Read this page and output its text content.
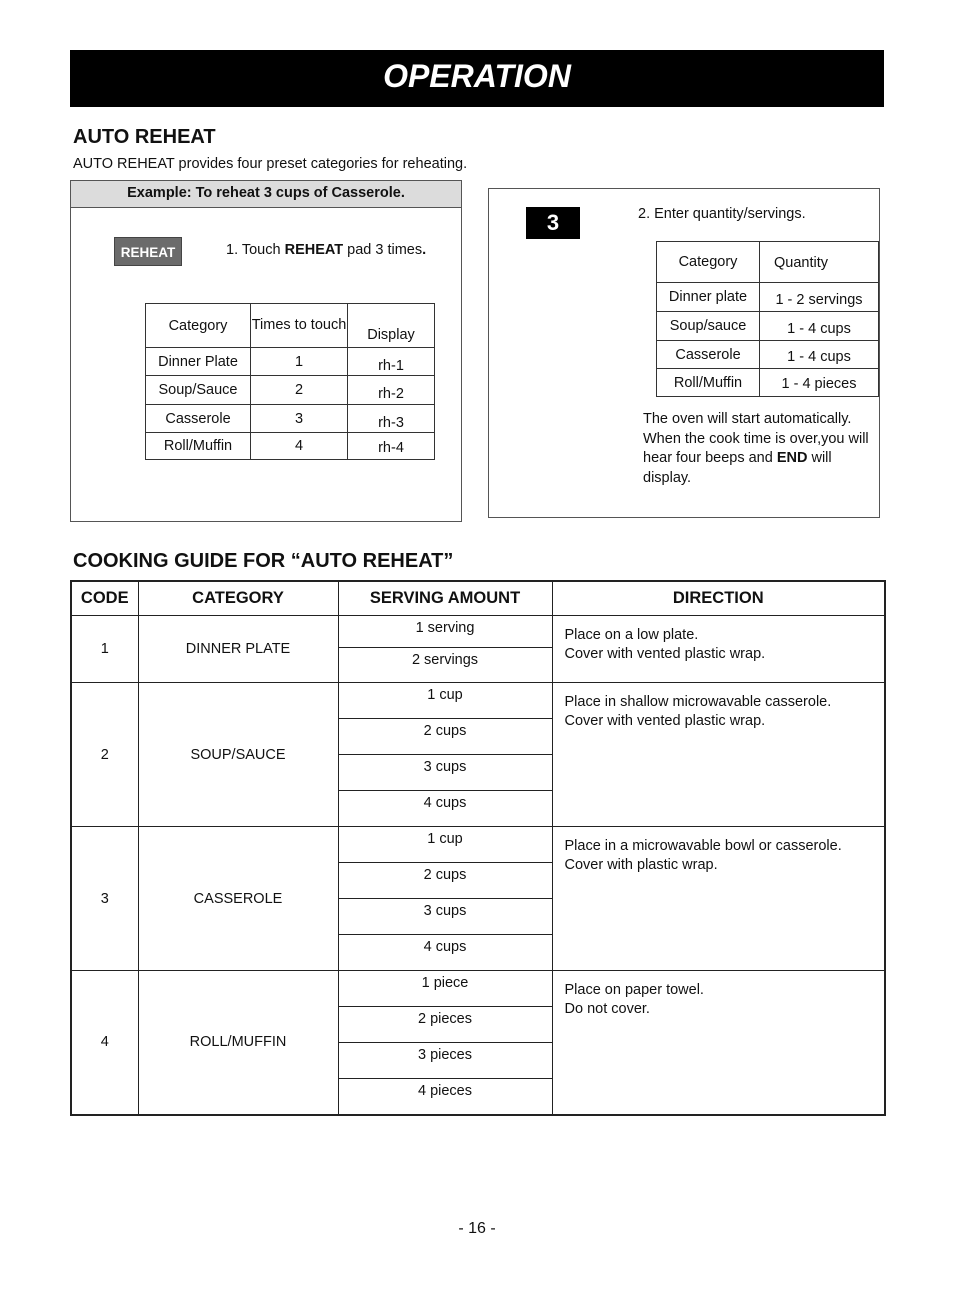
OPERATION
AUTO REHEAT
AUTO REHEAT provides four preset categories for reheating.
Example: To reheat 3 cups of Casserole.
REHEAT	1. Touch REHEAT pad 3 times.
Category	Times to touch	Display
Dinner Plate	1	rh-1
Soup/Sauce	2	rh-2
Casserole	3	rh-3
Roll/Muffin	4	rh-4
3	2. Enter quantity/servings.
Category	Quantity
Dinner plate	1 - 2 servings
Soup/sauce	1 - 4 cups
Casserole	1 - 4 cups
Roll/Muffin	1 - 4 pieces
The oven will start automatically. When the cook time is over,you will hear four beeps and END will display.
COOKING GUIDE FOR “AUTO REHEAT”
CODE	CATEGORY	SERVING AMOUNT	DIRECTION
1	DINNER PLATE	1 serving	Place on a low plate.
Cover with vented plastic wrap.

		2 servings	
2	SOUP/SAUCE	1 cup	Place in shallow microwavable casserole.
Cover with vented plastic wrap.

		2 cups	
		3 cups	
		4 cups	
3	CASSEROLE	1 cup	Place in a microwavable bowl or casserole.
Cover with plastic wrap.

		2 cups	
		3 cups	
		4 cups	
4	ROLL/MUFFIN	1 piece	Place on paper towel.
Do not cover.

		2 pieces	
		3 pieces	
		4 pieces	
- 16 -
